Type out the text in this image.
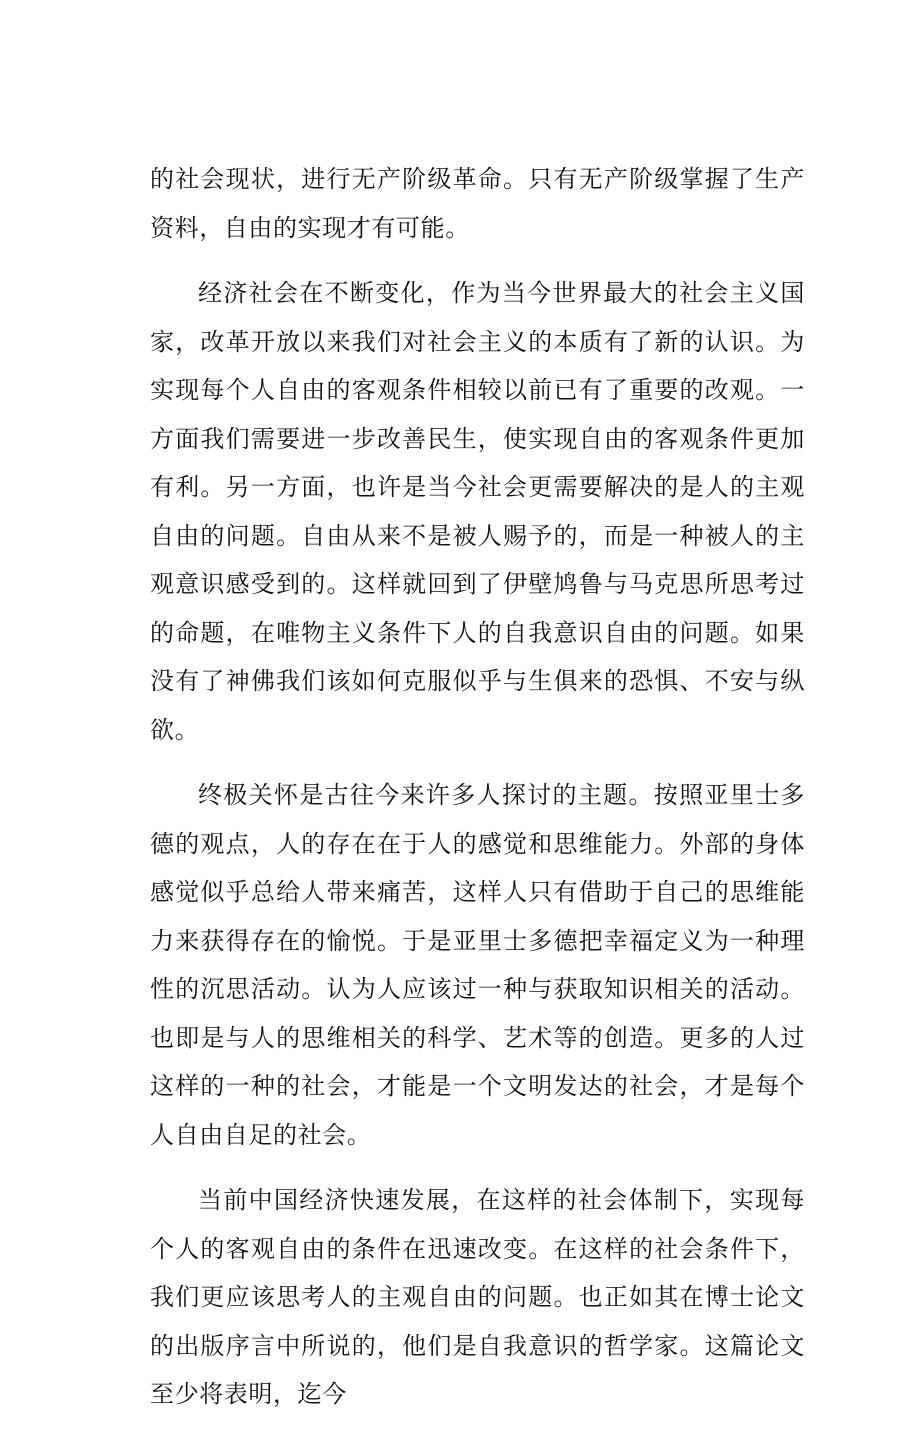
的社会现状，进行无产阶级革命。只有无产阶级掌握了生产资料，自由的实现才有可能。

经济社会在不断变化，作为当今世界最大的社会主义国家，改革开放以来我们对社会主义的本质有了新的认识。为实现每个人自由的客观条件相较以前已有了重要的改观。一方面我们需要进一步改善民生，使实现自由的客观条件更加有利。另一方面，也许是当今社会更需要解决的是人的主观自由的问题。自由从来不是被人赐予的，而是一种被人的主观意识感受到的。这样就回到了伊壁鸠鲁与马克思所思考过的命题，在唯物主义条件下人的自我意识自由的问题。如果没有了神佛我们该如何克服似乎与生俱来的恐惧、不安与纵欲。

终极关怀是古往今来许多人探讨的主题。按照亚里士多德的观点，人的存在在于人的感觉和思维能力。外部的身体感觉似乎总给人带来痛苦，这样人只有借助于自己的思维能力来获得存在的愉悦。于是亚里士多德把幸福定义为一种理性的沉思活动。认为人应该过一种与获取知识相关的活动。也即是与人的思维相关的科学、艺术等的创造。更多的人过这样的一种的社会，才能是一个文明发达的社会，才是每个人自由自足的社会。

当前中国经济快速发展，在这样的社会体制下，实现每个人的客观自由的条件在迅速改变。在这样的社会条件下，我们更应该思考人的主观自由的问题。也正如其在博士论文的出版序言中所说的，他们是自我意识的哲学家。这篇论文至少将表明，迄今
